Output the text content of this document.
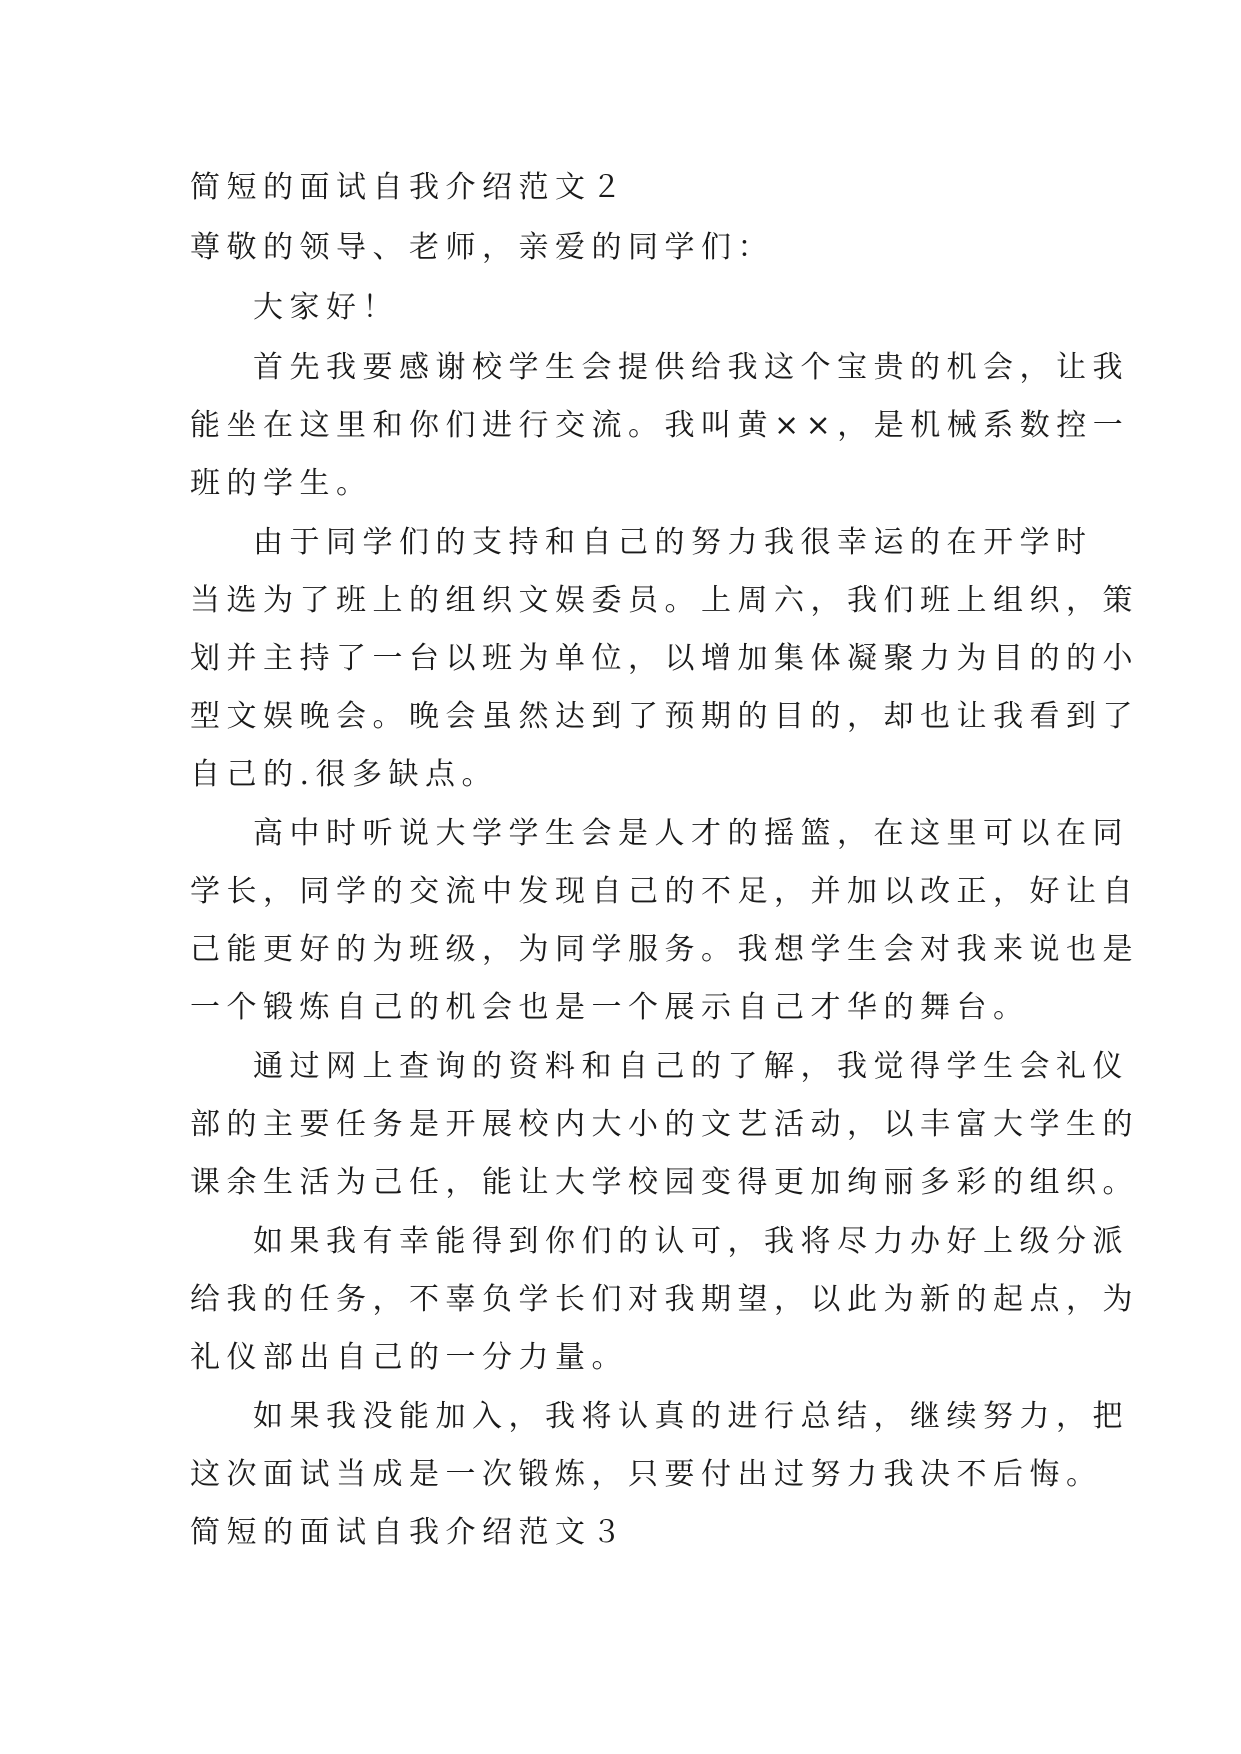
简短的面试自我介绍范文２
尊敬的领导、老师，亲爱的同学们：
大家好！
首先我要感谢校学生会提供给我这个宝贵的机会，让我
能坐在这里和你们进行交流。我叫黄××，是机械系数控一
班的学生。
由于同学们的支持和自己的努力我很幸运的在开学时
当选为了班上的组织文娱委员。上周六，我们班上组织，策
划并主持了一台以班为单位，以增加集体凝聚力为目的的小
型文娱晚会。晚会虽然达到了预期的目的，却也让我看到了
自己的.很多缺点。
高中时听说大学学生会是人才的摇篮，在这里可以在同
学长，同学的交流中发现自己的不足，并加以改正，好让自
己能更好的为班级，为同学服务。我想学生会对我来说也是
一个锻炼自己的机会也是一个展示自己才华的舞台。
通过网上查询的资料和自己的了解，我觉得学生会礼仪
部的主要任务是开展校内大小的文艺活动，以丰富大学生的
课余生活为己任，能让大学校园变得更加绚丽多彩的组织。
如果我有幸能得到你们的认可，我将尽力办好上级分派
给我的任务，不辜负学长们对我期望，以此为新的起点，为
礼仪部出自己的一分力量。
如果我没能加入，我将认真的进行总结，继续努力，把
这次面试当成是一次锻炼，只要付出过努力我决不后悔。
简短的面试自我介绍范文３
